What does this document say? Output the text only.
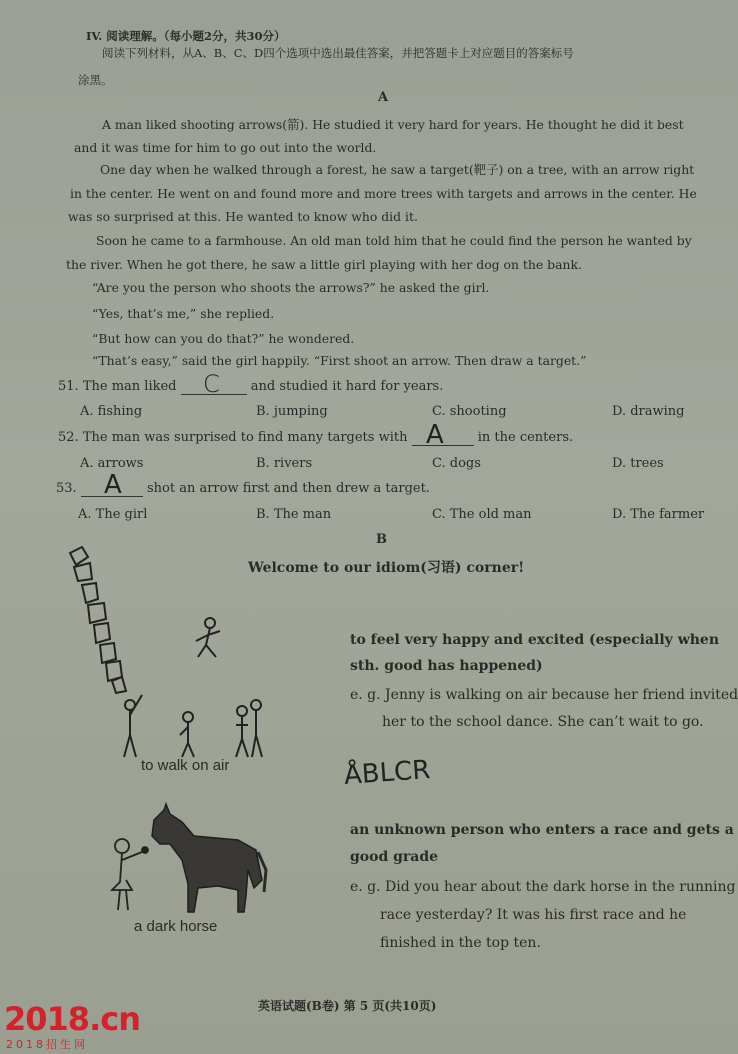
IV. 阅读理解。（每小题2分，共30分）
阅读下列材料，从A、B、C、D四个选项中选出最佳答案，并把答题卡上对应题目的答案标号
涂黑。
A
A man liked shooting arrows(箭). He studied it very hard for years. He thought he did it best
and it was time for him to go out into the world.
One day when he walked through a forest, he saw a target(靶子) on a tree, with an arrow right
in the center. He went on and found more and more trees with targets and arrows in the center. He
was so surprised at this. He wanted to know who did it.
Soon he came to a farmhouse. An old man told him that he could find the person he wanted by
the river. When he got there, he saw a little girl playing with her dog on the bank.
“Are you the person who shoots the arrows?” he asked the girl.
“Yes, that’s me,” she replied.
“But how can you do that?” he wondered.
“That’s easy,” said the girl happily. “First shoot an arrow. Then draw a target.”
51. The man liked	and studied it hard for years.
C
A. fishing	B. jumping	C. shooting	D. drawing
52. The man was surprised to find many targets with	in the centers.
A
A. arrows	B. rivers	C. dogs	D. trees
53.	shot an arrow first and then drew a target.
A
A. The girl	B. The man	C. The old man	D. The farmer
B
Welcome to our idiom(习语) corner!
to walk on air
to feel very happy and excited (especially when
sth. good has happened)
e. g. Jenny is walking on air because her friend invited
her to the school dance. She can’t wait to go.
ÅBLCR
a dark horse
an unknown person who enters a race and gets a
good grade
e. g. Did you hear about the dark horse in the running
race yesterday? It was his first race and he
finished in the top ten.
英语试题(B卷) 第 5 页(共10页)
2018.cn
2018招生网
